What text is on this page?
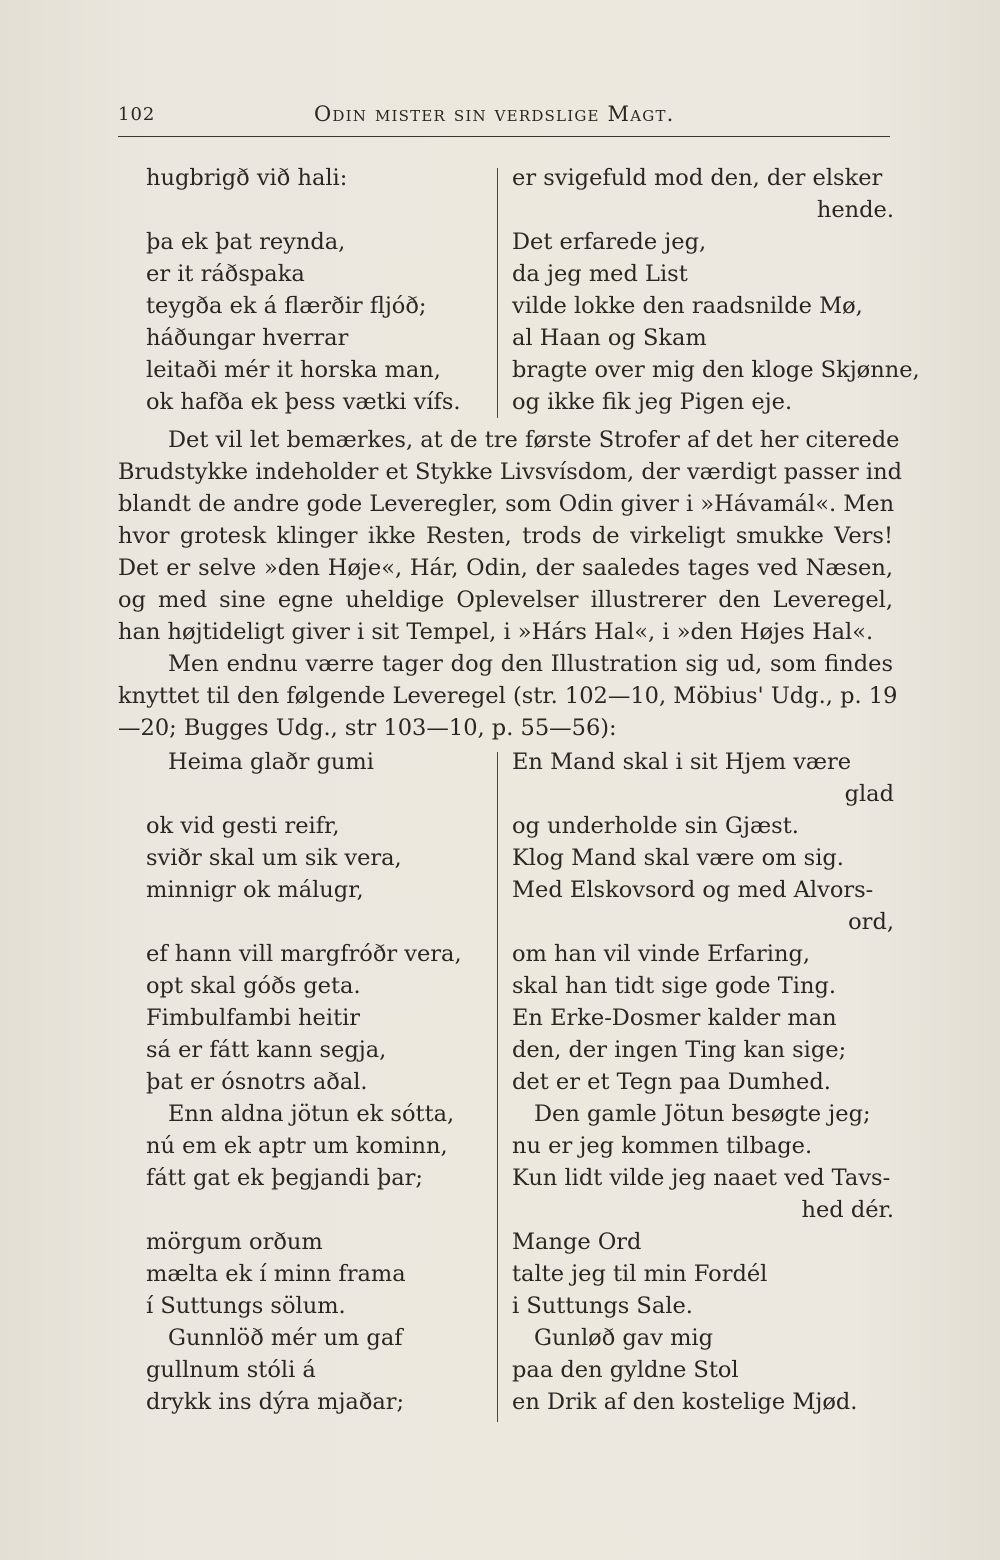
102	Odin mister sin verdslige Magt.
hugbrigð við hali:
þa ek þat reynda,
er it ráðspaka
teygða ek á flærðir fljóð;
háðungar hverrar
leitaði mér it horska man,
ok hafða ek þess vætki vífs.
er svigefuld mod den, der elsker
hende.
Det erfarede jeg,
da jeg med List
vilde lokke den raadsnilde Mø,
al Haan og Skam
bragte over mig den kloge Skjønne,
og ikke fik jeg Pigen eje.
Det vil let bemærkes, at de tre første Strofer af det her citerede
Brudstykke indeholder et Stykke Livsvísdom, der værdigt passer ind
blandt de andre gode Leveregler, som Odin giver i »Hávamál«. Men
hvor grotesk klinger ikke Resten, trods de virkeligt smukke Vers!
Det er selve »den Høje«, Hár, Odin, der saaledes tages ved Næsen,
og med sine egne uheldige Oplevelser illustrerer den Leveregel,
han højtideligt giver i sit Tempel, i »Hárs Hal«, i »den Højes Hal«.
Men endnu værre tager dog den Illustration sig ud, som findes
knyttet til den følgende Leveregel (str. 102—10, Möbius' Udg., p. 19
—20; Bugges Udg., str 103—10, p. 55—56):
Heima glaðr gumi
ok vid gesti reifr,
sviðr skal um sik vera,
minnigr ok málugr,
ef hann vill margfróðr vera,
opt skal góðs geta.
Fimbulfambi heitir
sá er fátt kann segja,
þat er ósnotrs aðal.
Enn aldna jötun ek sótta,
nú em ek aptr um kominn,
fátt gat ek þegjandi þar;
mörgum orðum
mælta ek í minn frama
í Suttungs sölum.
Gunnlöð mér um gaf
gullnum stóli á
drykk ins dýra mjaðar;
En Mand skal i sit Hjem være
glad
og underholde sin Gjæst.
Klog Mand skal være om sig.
Med Elskovsord og med Alvors-
ord,
om han vil vinde Erfaring,
skal han tidt sige gode Ting.
En Erke-Dosmer kalder man
den, der ingen Ting kan sige;
det er et Tegn paa Dumhed.
Den gamle Jötun besøgte jeg;
nu er jeg kommen tilbage.
Kun lidt vilde jeg naaet ved Tavs-
hed dér.
Mange Ord
talte jeg til min Fordél
i Suttungs Sale.
Gunløð gav mig
paa den gyldne Stol
en Drik af den kostelige Mjød.
